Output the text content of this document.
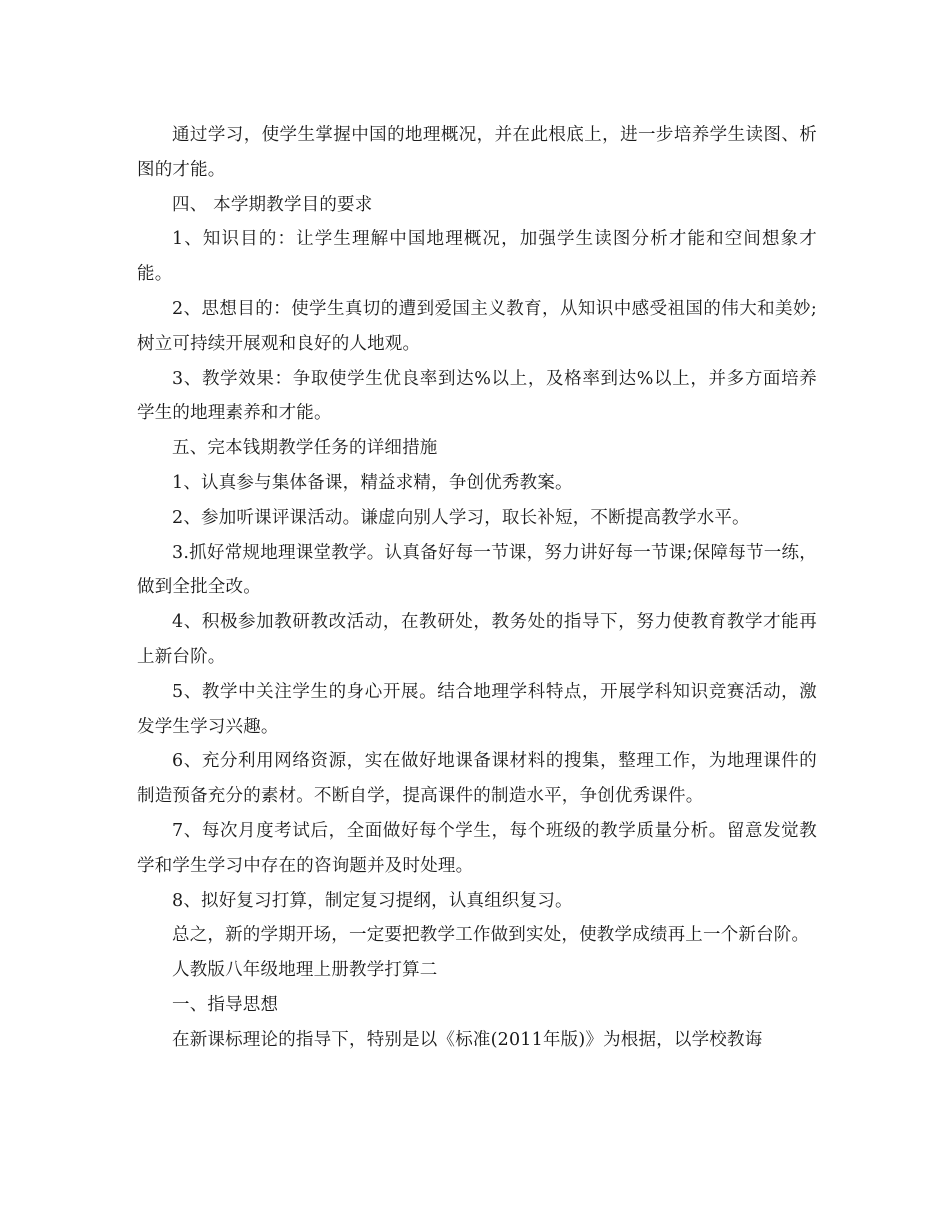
通过学习，使学生掌握中国的地理概况，并在此根底上，进一步培养学生读图、析图的才能。

四、 本学期教学目的要求

1、知识目的：让学生理解中国地理概况，加强学生读图分析才能和空间想象才能。

2、思想目的：使学生真切的遭到爱国主义教育，从知识中感受祖国的伟大和美妙;树立可持续开展观和良好的人地观。

3、教学效果：争取使学生优良率到达%以上，及格率到达%以上，并多方面培养学生的地理素养和才能。

五、完本钱期教学任务的详细措施

1、认真参与集体备课，精益求精，争创优秀教案。

2、参加听课评课活动。谦虚向别人学习，取长补短，不断提高教学水平。

3.抓好常规地理课堂教学。认真备好每一节课，努力讲好每一节课;保障每节一练，做到全批全改。

4、积极参加教研教改活动，在教研处，教务处的指导下，努力使教育教学才能再上新台阶。

5、教学中关注学生的身心开展。结合地理学科特点，开展学科知识竞赛活动，激发学生学习兴趣。

6、充分利用网络资源，实在做好地课备课材料的搜集，整理工作，为地理课件的制造预备充分的素材。不断自学，提高课件的制造水平，争创优秀课件。

7、每次月度考试后，全面做好每个学生，每个班级的教学质量分析。留意发觉教学和学生学习中存在的咨询题并及时处理。

8、拟好复习打算，制定复习提纲，认真组织复习。

总之，新的学期开场，一定要把教学工作做到实处，使教学成绩再上一个新台阶。

人教版八年级地理上册教学打算二

一、指导思想

在新课标理论的指导下，特别是以《标准(2011年版)》为根据，以学校教诲
